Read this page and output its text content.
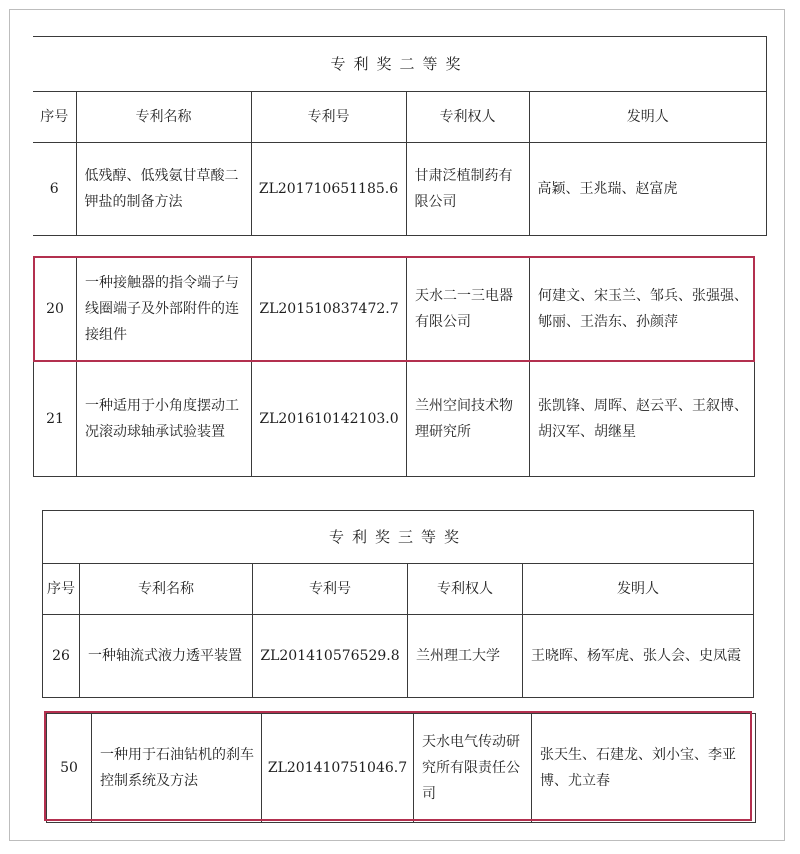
专利奖二等奖				
序号	专利名称	专利号	专利权人	发明人
6	低残醇、低残氨甘草酸二钾盐的制备方法	ZL201710651185.6	甘肃泛植制药有限公司	高颖、王兆瑞、赵富虎
20	一种接触器的指令端子与线圈端子及外部附件的连接组件	ZL201510837472.7	天水二一三电器有限公司	何建文、宋玉兰、邹兵、张强强、郇丽、王浩东、孙颜萍
21	一种适用于小角度摆动工况滚动球轴承试验装置	ZL201610142103.0	兰州空间技术物理研究所	张凯锋、周晖、赵云平、王叙博、胡汉军、胡继星
专利奖三等奖				
序号	专利名称	专利号	专利权人	发明人
26	一种轴流式液力透平装置	ZL201410576529.8	兰州理工大学	王晓晖、杨军虎、张人会、史凤霞
50	一种用于石油钻机的刹车控制系统及方法	ZL201410751046.7	天水电气传动研究所有限责任公司	张天生、石建龙、刘小宝、李亚博、尤立春
